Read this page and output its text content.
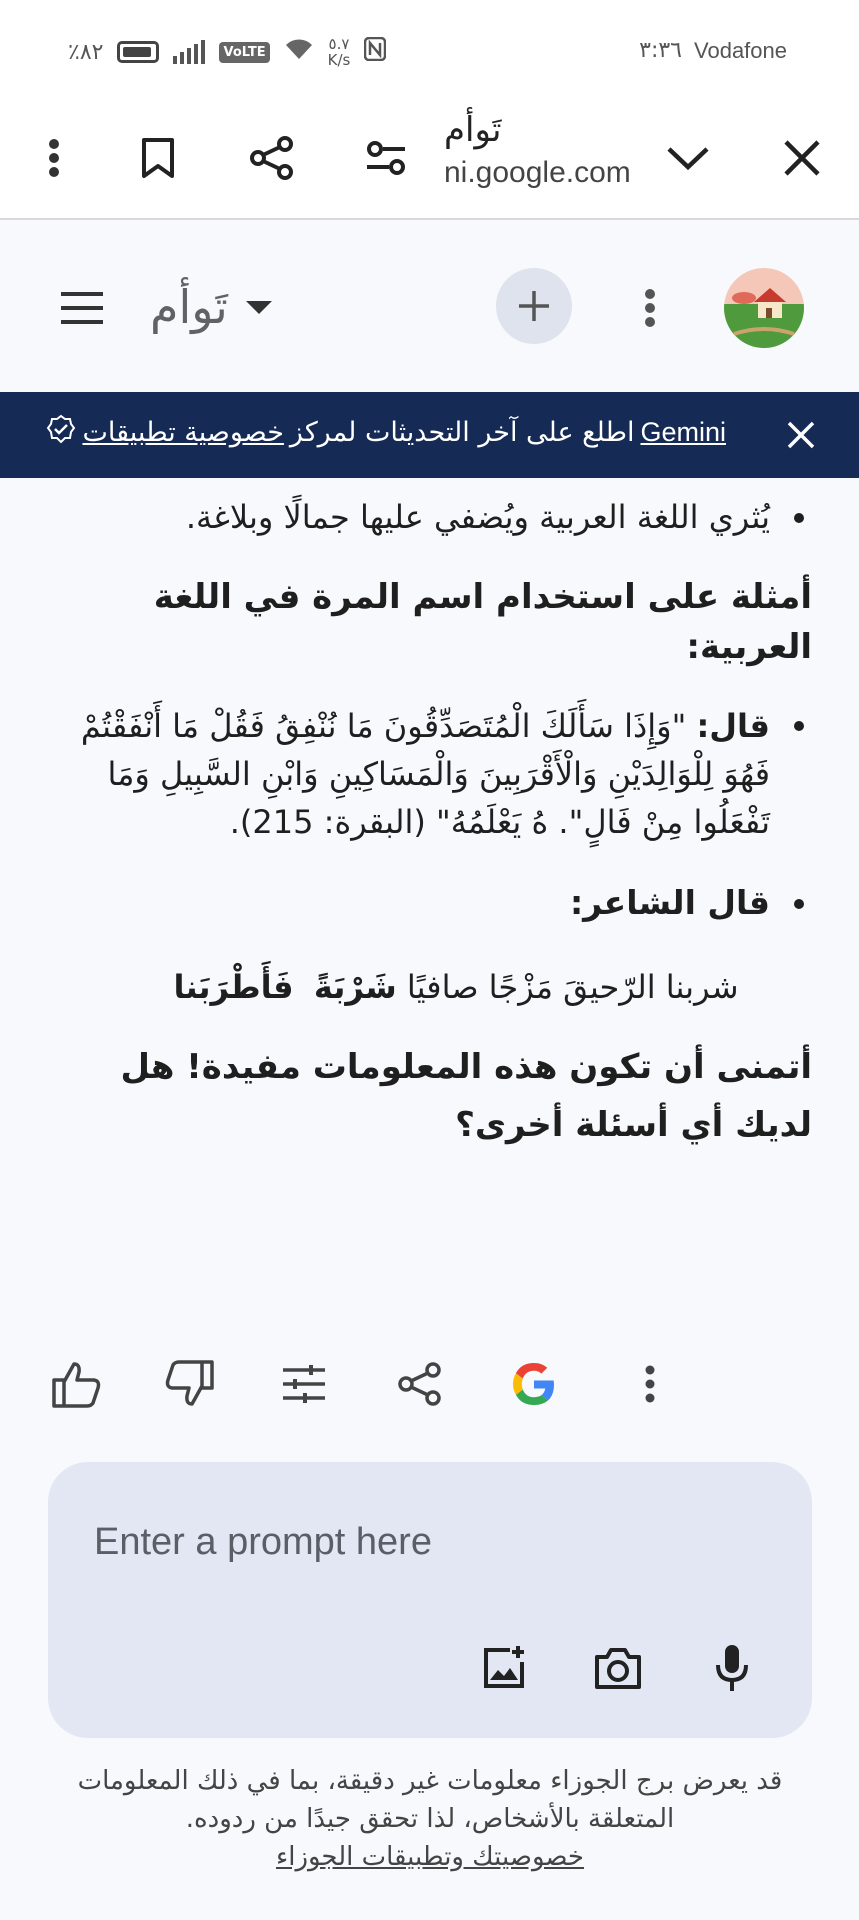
٪٨٢	VoLTE	٥.٧
K/s	٣:٣٦ Vodafone
تَوأم
ni.google.com
تَوأم
Gemini
اطلع على آخر التحديثات لمركز
خصوصية تطبيقات
يُثري اللغة العربية ويُضفي عليها جمالًا وبلاغة.
أمثلة على استخدام اسم المرة في اللغة العربية:
قال: "وَإِذَا سَأَلَكَ الْمُتَصَدِّقُونَ مَا نُنْفِقُ فَقُلْ مَا أَنْفَقْتُمْ فَهُوَ لِلْوَالِدَيْنِ وَالْأَقْرَبِينَ وَالْمَسَاكِينِ وَابْنِ السَّبِيلِ وَمَا تَفْعَلُوا مِنْ فَالٍ". هُ يَعْلَمُهُ" (البقرة: 215).
قال الشاعر:
شربنا الرّحيقَ مَزْجًا صافيًا شَرْبَةً  فَأَطْرَبَنا
أتمنى أن تكون هذه المعلومات مفيدة! هل لديك أي أسئلة أخرى؟
Enter a prompt here
قد يعرض برج الجوزاء معلومات غير دقيقة، بما في ذلك المعلومات المتعلقة بالأشخاص، لذا تحقق جيدًا من ردوده.
خصوصيتك وتطبيقات الجوزاء
